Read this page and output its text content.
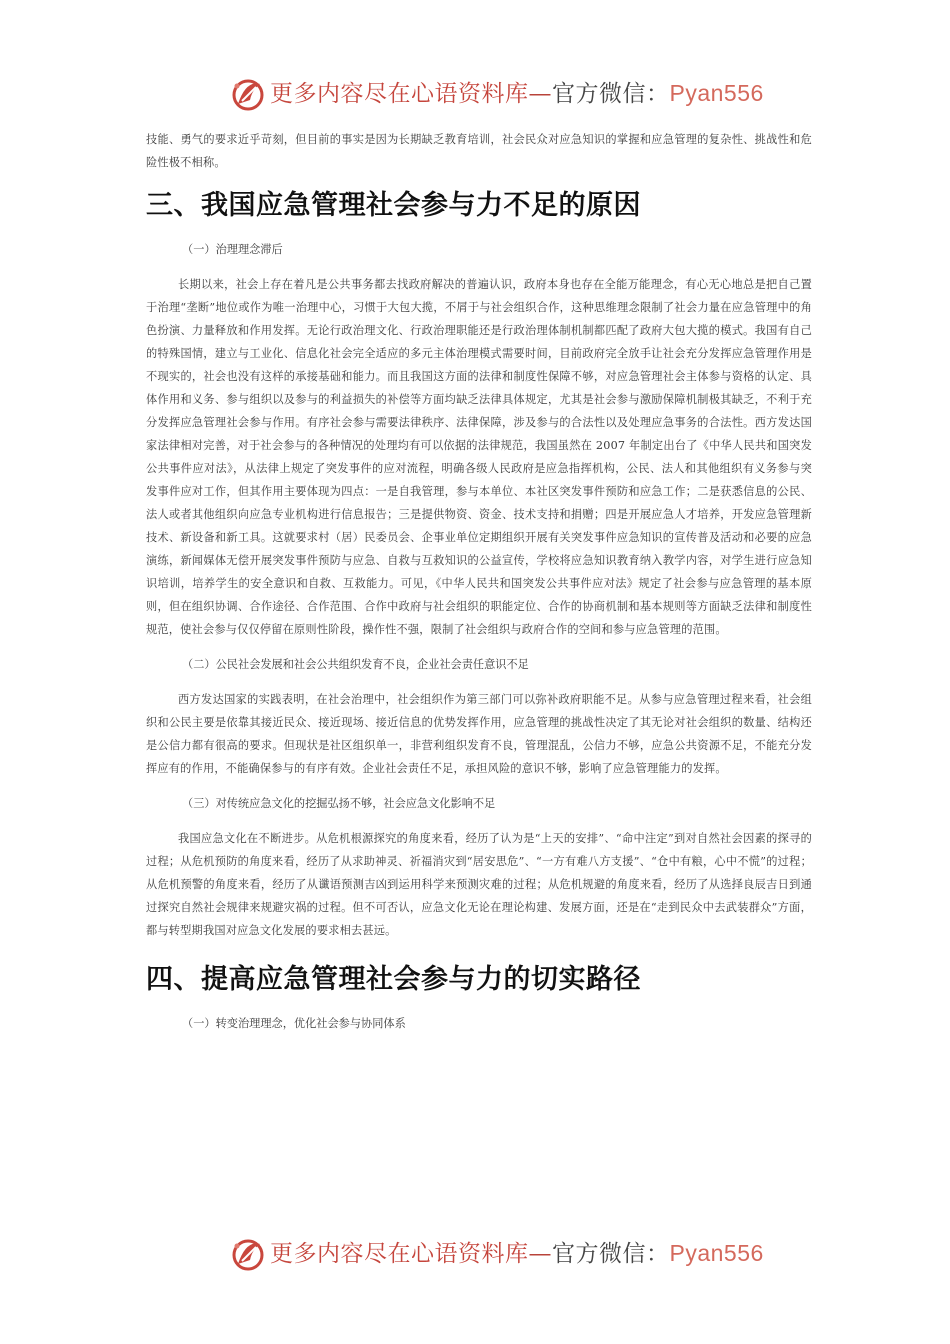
更多内容尽在心语资料库—官方微信：Pyan556

技能、勇气的要求近乎苛刻，但目前的事实是因为长期缺乏教育培训，社会民众对应急知识的掌握和应急管理的复杂性、挑战性和危险性极不相称。

三、我国应急管理社会参与力不足的原因

（一）治理理念滞后

长期以来，社会上存在着凡是公共事务都去找政府解决的普遍认识，政府本身也存在全能万能理念，有心无心地总是把自己置于治理“垄断”地位或作为唯一治理中心，习惯于大包大揽，不屑于与社会组织合作，这种思维理念限制了社会力量在应急管理中的角色扮演、力量释放和作用发挥。无论行政治理文化、行政治理职能还是行政治理体制机制都匹配了政府大包大揽的模式。我国有自己的特殊国情，建立与工业化、信息化社会完全适应的多元主体治理模式需要时间，目前政府完全放手让社会充分发挥应急管理作用是不现实的，社会也没有这样的承接基础和能力。而且我国这方面的法律和制度性保障不够，对应急管理社会主体参与资格的认定、具体作用和义务、参与组织以及参与的利益损失的补偿等方面均缺乏法律具体规定，尤其是社会参与激励保障机制极其缺乏，不利于充分发挥应急管理社会参与作用。有序社会参与需要法律秩序、法律保障，涉及参与的合法性以及处理应急事务的合法性。西方发达国家法律相对完善，对于社会参与的各种情况的处理均有可以依据的法律规范，我国虽然在 2007 年制定出台了《中华人民共和国突发公共事件应对法》，从法律上规定了突发事件的应对流程，明确各级人民政府是应急指挥机构，公民、法人和其他组织有义务参与突发事件应对工作，但其作用主要体现为四点：一是自我管理，参与本单位、本社区突发事件预防和应急工作；二是获悉信息的公民、法人或者其他组织向应急专业机构进行信息报告；三是提供物资、资金、技术支持和捐赠；四是开展应急人才培养，开发应急管理新技术、新设备和新工具。这就要求村（居）民委员会、企事业单位定期组织开展有关突发事件应急知识的宣传普及活动和必要的应急演练，新闻媒体无偿开展突发事件预防与应急、自救与互救知识的公益宣传，学校将应急知识教育纳入教学内容，对学生进行应急知识培训，培养学生的安全意识和自救、互救能力。可见，《中华人民共和国突发公共事件应对法》规定了社会参与应急管理的基本原则，但在组织协调、合作途径、合作范围、合作中政府与社会组织的职能定位、合作的协商机制和基本规则等方面缺乏法律和制度性规范，使社会参与仅仅停留在原则性阶段，操作性不强，限制了社会组织与政府合作的空间和参与应急管理的范围。

（二）公民社会发展和社会公共组织发育不良，企业社会责任意识不足

西方发达国家的实践表明，在社会治理中，社会组织作为第三部门可以弥补政府职能不足。从参与应急管理过程来看，社会组织和公民主要是依靠其接近民众、接近现场、接近信息的优势发挥作用，应急管理的挑战性决定了其无论对社会组织的数量、结构还是公信力都有很高的要求。但现状是社区组织单一，非营利组织发育不良，管理混乱，公信力不够，应急公共资源不足，不能充分发挥应有的作用，不能确保参与的有序有效。企业社会责任不足，承担风险的意识不够，影响了应急管理能力的发挥。

（三）对传统应急文化的挖掘弘扬不够，社会应急文化影响不足

我国应急文化在不断进步。从危机根源探究的角度来看，经历了认为是“上天的安排”、“命中注定”到对自然社会因素的探寻的过程；从危机预防的角度来看，经历了从求助神灵、祈福消灾到“居安思危”、“一方有难八方支援”、“仓中有粮，心中不慌”的过程；从危机预警的角度来看，经历了从谶语预测吉凶到运用科学来预测灾难的过程；从危机规避的角度来看，经历了从选择良辰吉日到通过探究自然社会规律来规避灾祸的过程。但不可否认，应急文化无论在理论构建、发展方面，还是在“走到民众中去武装群众”方面，都与转型期我国对应急文化发展的要求相去甚远。

四、提高应急管理社会参与力的切实路径

（一）转变治理理念，优化社会参与协同体系

更多内容尽在心语资料库—官方微信：Pyan556
